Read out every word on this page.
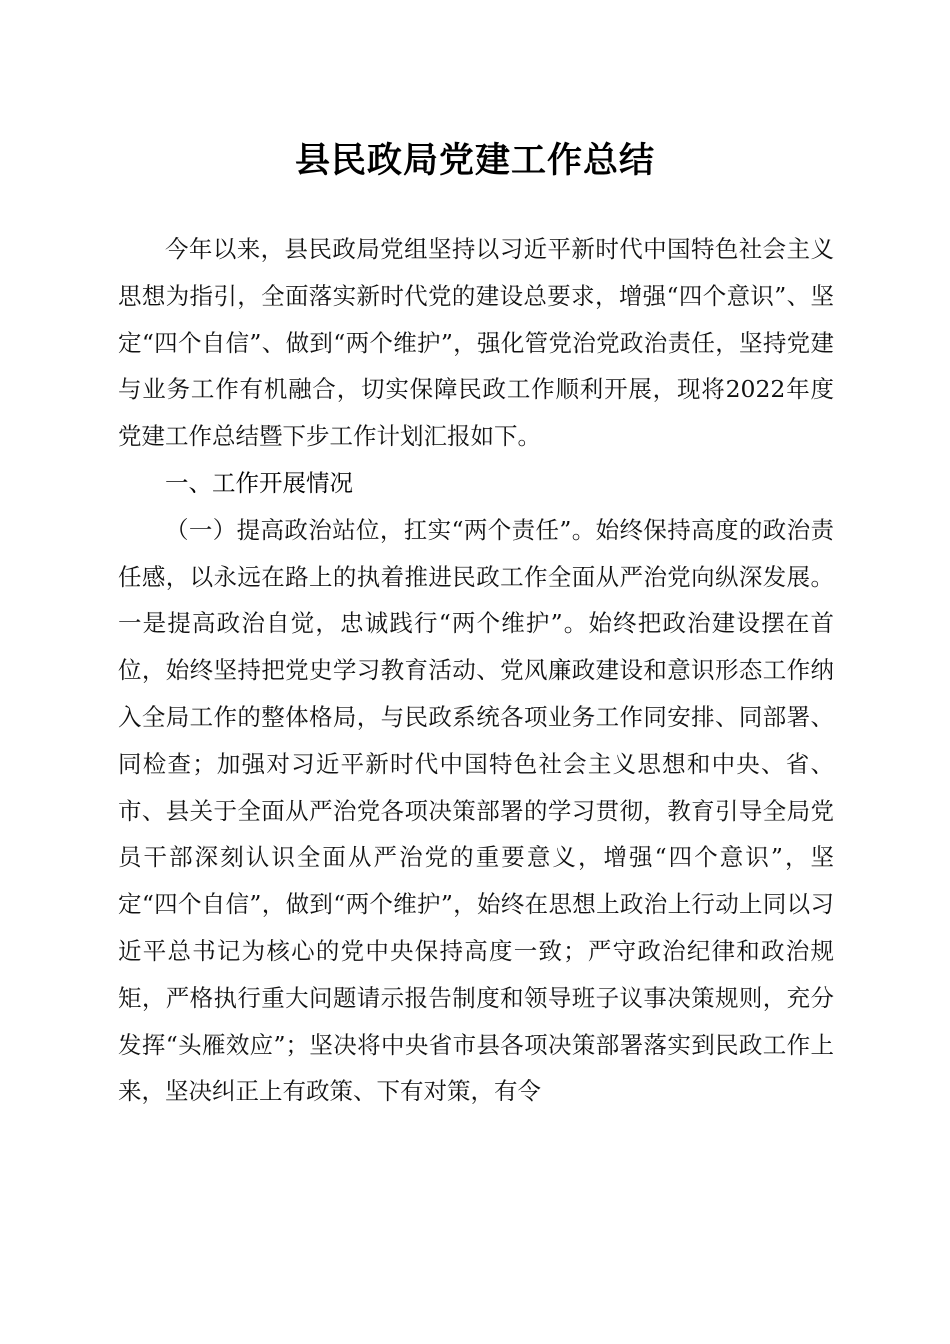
县民政局党建工作总结

今年以来，县民政局党组坚持以习近平新时代中国特色社会主义思想为指引，全面落实新时代党的建设总要求，增强“四个意识”、坚定“四个自信”、做到“两个维护”，强化管党治党政治责任，坚持党建与业务工作有机融合，切实保障民政工作顺利开展，现将2022年度党建工作总结暨下步工作计划汇报如下。

一、工作开展情况

（一）提高政治站位，扛实“两个责任”。始终保持高度的政治责任感，以永远在路上的执着推进民政工作全面从严治党向纵深发展。一是提高政治自觉，忠诚践行“两个维护”。始终把政治建设摆在首位，始终坚持把党史学习教育活动、党风廉政建设和意识形态工作纳入全局工作的整体格局，与民政系统各项业务工作同安排、同部署、同检查；加强对习近平新时代中国特色社会主义思想和中央、省、市、县关于全面从严治党各项决策部署的学习贯彻，教育引导全局党员干部深刻认识全面从严治党的重要意义，增强“四个意识”，坚定“四个自信”，做到“两个维护”，始终在思想上政治上行动上同以习近平总书记为核心的党中央保持高度一致；严守政治纪律和政治规矩，严格执行重大问题请示报告制度和领导班子议事决策规则，充分发挥“头雁效应”；坚决将中央省市县各项决策部署落实到民政工作上来，坚决纠正上有政策、下有对策，有令
